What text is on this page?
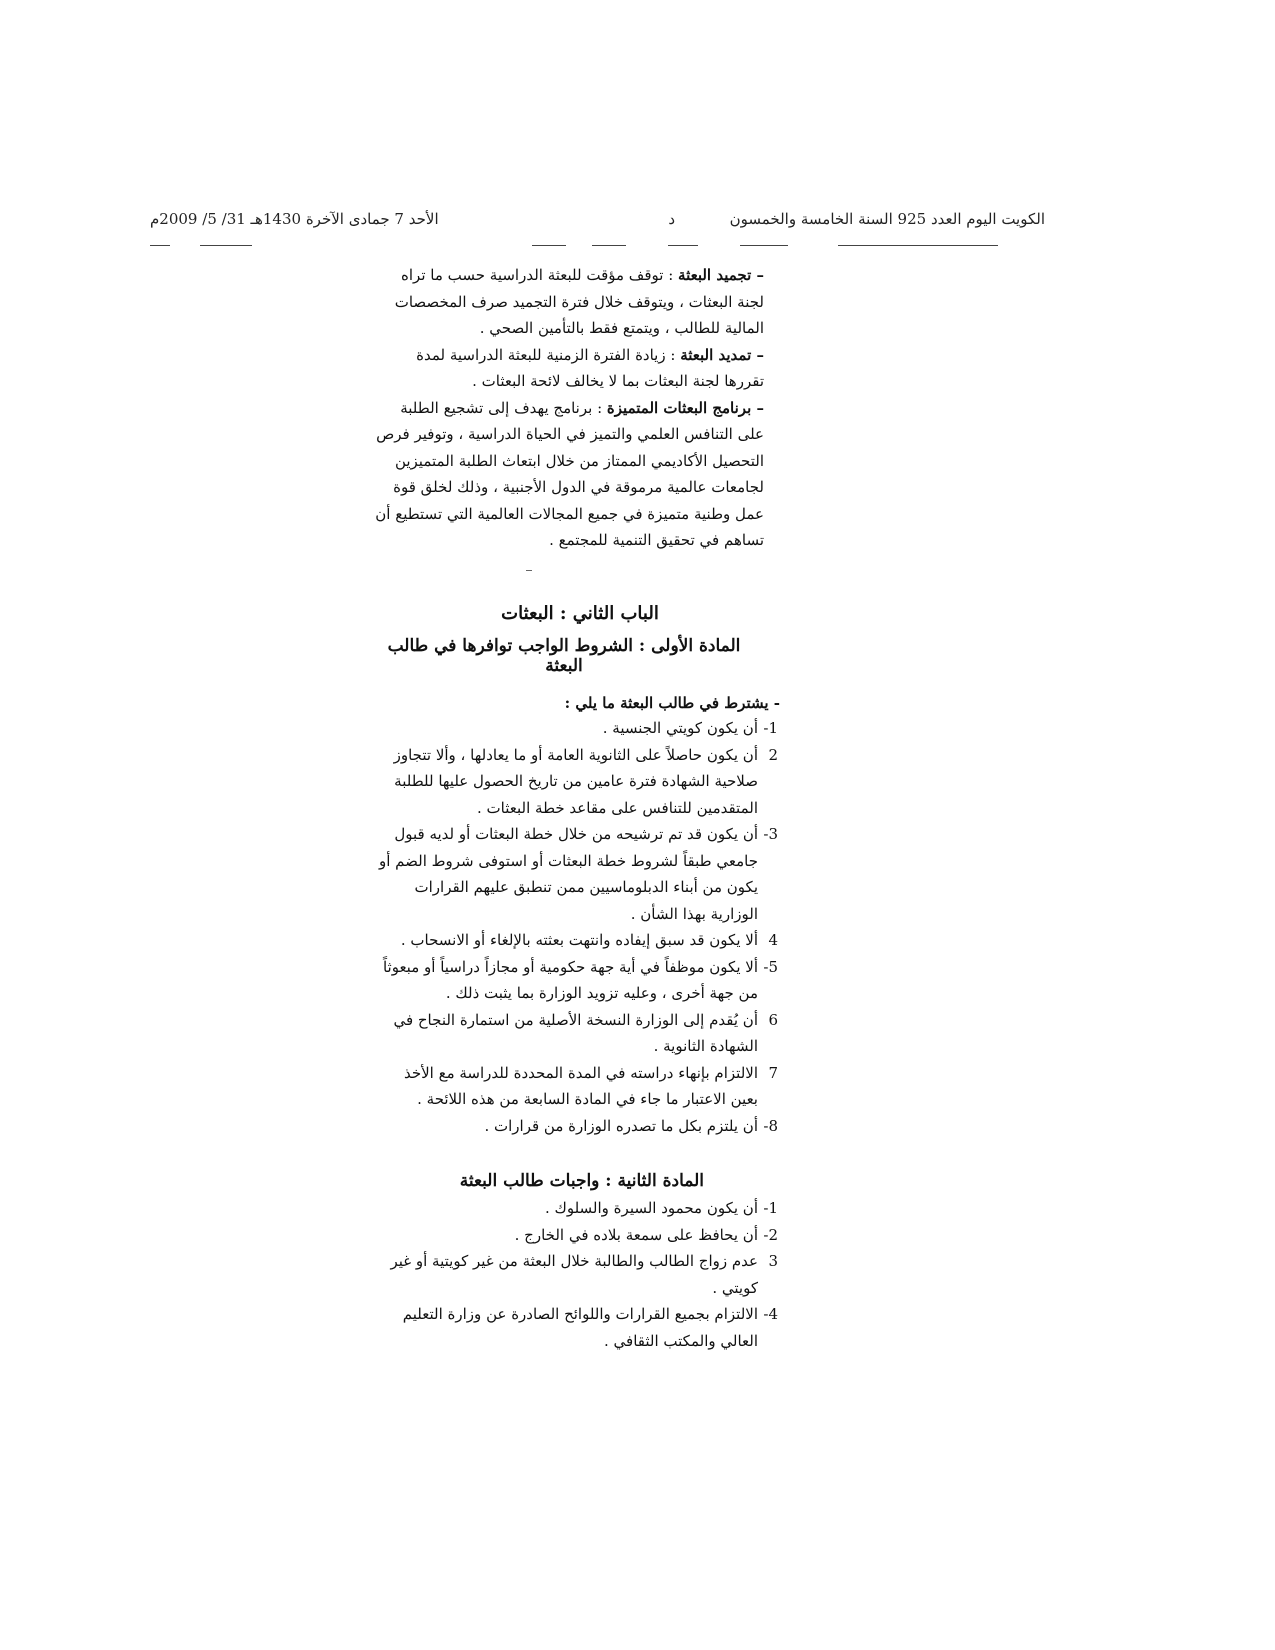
الكويت اليوم العدد 925 السنة الخامسة والخمسون
د
الأحد 7 جمادى الآخرة 1430هـ 31/ 5/ 2009م

– تجميد البعثة : توقف مؤقت للبعثة الدراسية حسب ما تراه لجنة البعثات ، ويتوقف خلال فترة التجميد صرف المخصصات المالية للطالب ، ويتمتع فقط بالتأمين الصحي .

– تمديد البعثة : زيادة الفترة الزمنية للبعثة الدراسية لمدة تقررها لجنة البعثات بما لا يخالف لائحة البعثات .

– برنامج البعثات المتميزة : برنامج يهدف إلى تشجيع الطلبة على التنافس العلمي والتميز في الحياة الدراسية ، وتوفير فرص التحصيل الأكاديمي الممتاز من خلال ابتعاث الطلبة المتميزين لجامعات عالمية مرموقة في الدول الأجنبية ، وذلك لخلق قوة عمل وطنية متميزة في جميع المجالات العالمية التي تستطيع أن تساهم في تحقيق التنمية للمجتمع .

الباب الثاني : البعثات
المادة الأولى : الشروط الواجب توافرها في طالب البعثة
- يشترط في طالب البعثة ما يلي :
1-
أن يكون كويتي الجنسية .
2
أن يكون حاصلاً على الثانوية العامة أو ما يعادلها ، وألا تتجاوز صلاحية الشهادة فترة عامين من تاريخ الحصول عليها للطلبة المتقدمين للتنافس على مقاعد خطة البعثات .
3-
أن يكون قد تم ترشيحه من خلال خطة البعثات أو لديه قبول جامعي طبقاً لشروط خطة البعثات أو استوفى شروط الضم أو يكون من أبناء الدبلوماسيين ممن تنطبق عليهم القرارات الوزارية بهذا الشأن .
4
ألا يكون قد سبق إيفاده وانتهت بعثته بالإلغاء أو الانسحاب .
5-
ألا يكون موظفاً في أية جهة حكومية أو مجازاً دراسياً أو مبعوثاً من جهة أخرى ، وعليه تزويد الوزارة بما يثبت ذلك .
6
أن يُقدم إلى الوزارة النسخة الأصلية من استمارة النجاح في الشهادة الثانوية .
7
الالتزام بإنهاء دراسته في المدة المحددة للدراسة مع الأخذ بعين الاعتبار ما جاء في المادة السابعة من هذه اللائحة .
8-
أن يلتزم بكل ما تصدره الوزارة من قرارات .
المادة الثانية : واجبات طالب البعثة
1-
أن يكون محمود السيرة والسلوك .
2-
أن يحافظ على سمعة بلاده في الخارج .
3
عدم زواج الطالب والطالبة خلال البعثة من غير كويتية أو غير كويتي .
4-
الالتزام بجميع القرارات واللوائح الصادرة عن وزارة التعليم العالي والمكتب الثقافي .
